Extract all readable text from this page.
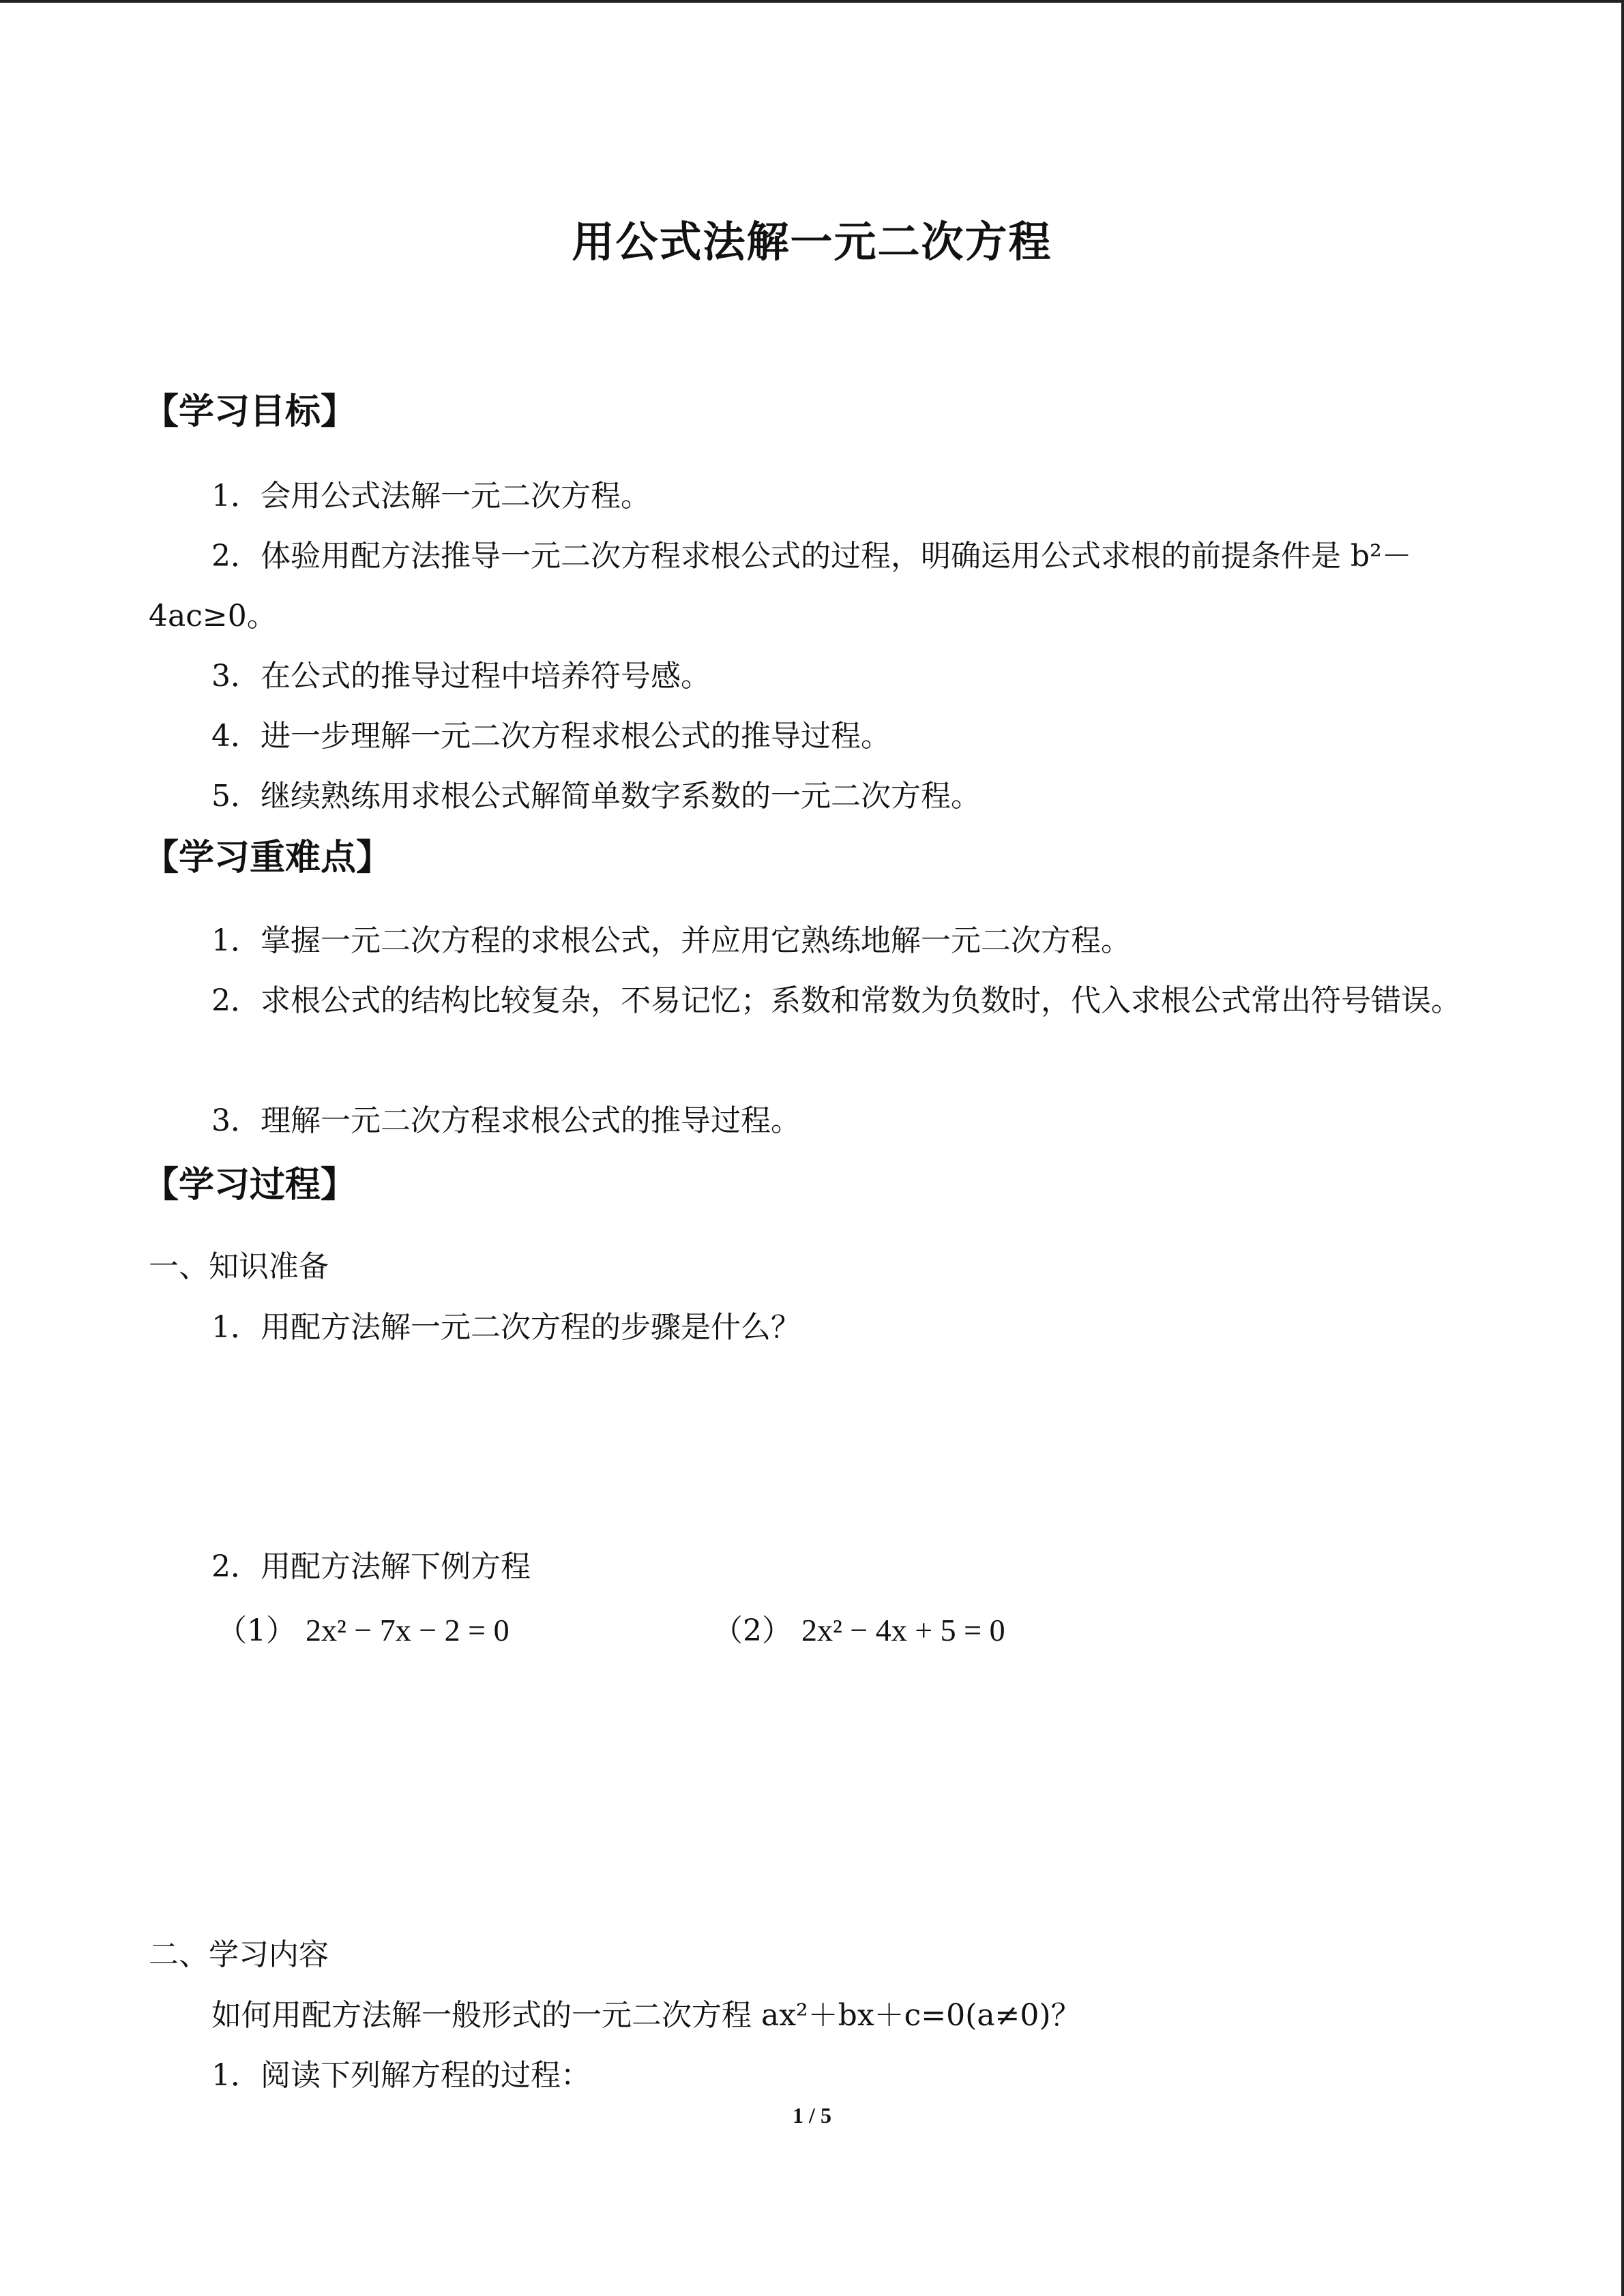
用公式法解一元二次方程
【学习目标】
1．会用公式法解一元二次方程。
2．体验用配方法推导一元二次方程求根公式的过程，明确运用公式求根的前提条件是 b²－4ac≥0。
3．在公式的推导过程中培养符号感。
4．进一步理解一元二次方程求根公式的推导过程。
5．继续熟练用求根公式解简单数字系数的一元二次方程。
【学习重难点】
1．掌握一元二次方程的求根公式，并应用它熟练地解一元二次方程。
2．求根公式的结构比较复杂，不易记忆；系数和常数为负数时，代入求根公式常出符号错误。
3．理解一元二次方程求根公式的推导过程。
【学习过程】
一、知识准备
1．用配方法解一元二次方程的步骤是什么？
2．用配方法解下例方程
（1） 2x² − 7x − 2 = 0	（2） 2x² − 4x + 5 = 0
二、学习内容
如何用配方法解一般形式的一元二次方程 ax²＋bx＋c=0(a≠0)？
1．阅读下列解方程的过程：
1 / 5
